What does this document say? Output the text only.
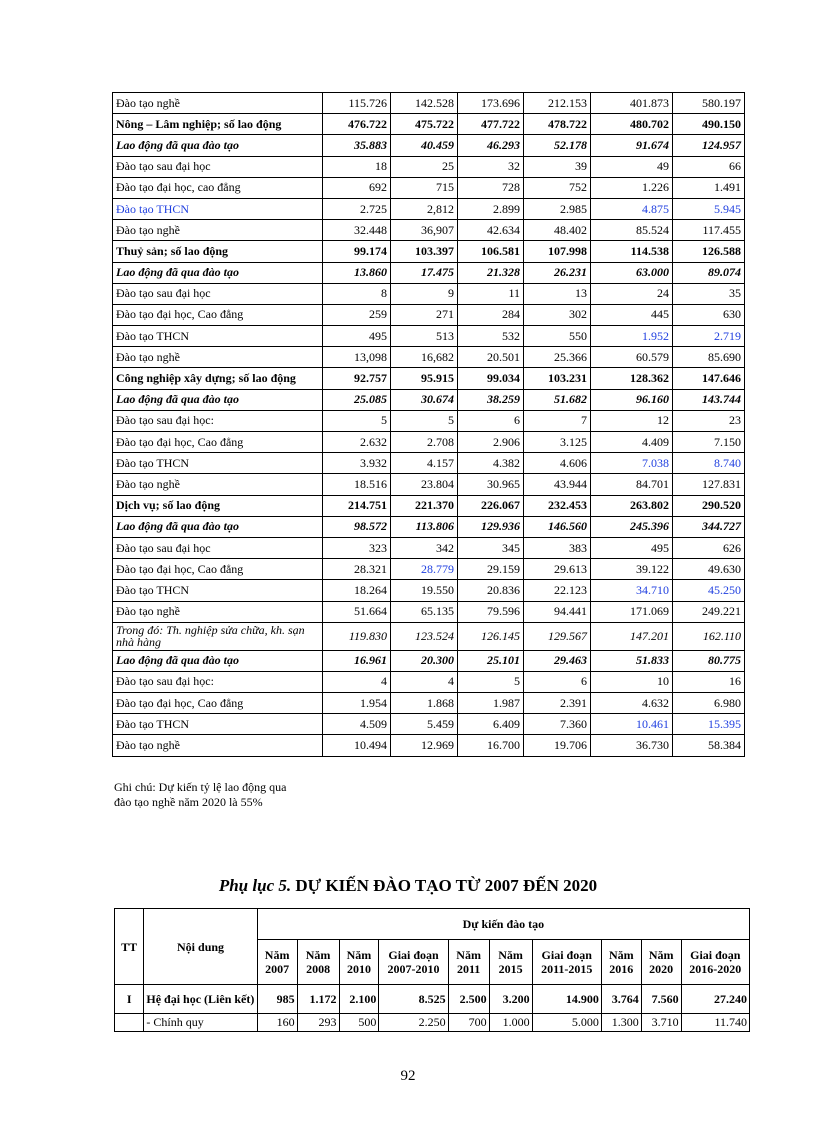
Đào tạo nghề	115.726	142.528	173.696	212.153	401.873	580.197
Nông – Lâm nghiệp; số lao động	476.722	475.722	477.722	478.722	480.702	490.150
Lao động đã qua đào tạo	35.883	40.459	46.293	52.178	91.674	124.957
Đào tạo sau đại học	18	25	32	39	49	66
Đào tạo đại học, cao đẳng	692	715	728	752	1.226	1.491
Đào tạo THCN	2.725	2,812	2.899	2.985	4.875	5.945
Đào tạo nghề	32.448	36,907	42.634	48.402	85.524	117.455
Thuỷ sản; số lao động	99.174	103.397	106.581	107.998	114.538	126.588
Lao động đã qua đào tạo	13.860	17.475	21.328	26.231	63.000	89.074
Đào tạo sau đại học	8	9	11	13	24	35
Đào tạo đại học, Cao đẳng	259	271	284	302	445	630
Đào tạo THCN	495	513	532	550	1.952	2.719
Đào tạo nghề	13,098	16,682	20.501	25.366	60.579	85.690
Công nghiệp xây dựng; số lao động	92.757	95.915	99.034	103.231	128.362	147.646
Lao động đã qua đào tạo	25.085	30.674	38.259	51.682	96.160	143.744
Đào tạo sau đại học:	5	5	6	7	12	23
Đào tạo đại học, Cao đẳng	2.632	2.708	2.906	3.125	4.409	7.150
Đào tạo THCN	3.932	4.157	4.382	4.606	7.038	8.740
Đào tạo nghề	18.516	23.804	30.965	43.944	84.701	127.831
Dịch vụ; số lao động	214.751	221.370	226.067	232.453	263.802	290.520
Lao động đã qua đào tạo	98.572	113.806	129.936	146.560	245.396	344.727
Đào tạo sau đại học	323	342	345	383	495	626
Đào tạo đại học, Cao đẳng	28.321	28.779	29.159	29.613	39.122	49.630
Đào tạo THCN	18.264	19.550	20.836	22.123	34.710	45.250
Đào tạo nghề	51.664	65.135	79.596	94.441	171.069	249.221
Trong đó: Th. nghiệp sửa chữa, kh. sạn nhà hàng	119.830	123.524	126.145	129.567	147.201	162.110
Lao động đã qua đào tạo	16.961	20.300	25.101	29.463	51.833	80.775
Đào tạo sau đại học:	4	4	5	6	10	16
Đào tạo đại học, Cao đẳng	1.954	1.868	1.987	2.391	4.632	6.980
Đào tạo THCN	4.509	5.459	6.409	7.360	10.461	15.395
Đào tạo nghề	10.494	12.969	16.700	19.706	36.730	58.384
Ghi chú: Dự kiến tỷ lệ lao động qua
đào tạo nghề năm 2020 là 55%
Phụ lục 5. DỰ KIẾN ĐÀO TẠO TỪ 2007 ĐẾN 2020
TT	Nội dung	Dự kiến đào tạo									
		Năm 2007	Năm 2008	Năm 2010	Giai đoạn 2007-2010	Năm 2011	Năm 2015	Giai đoạn 2011-2015	Năm 2016	Năm 2020	Giai đoạn 2016-2020
I	Hệ đại học (Liên kết)	985	1.172	2.100	8.525	2.500	3.200	14.900	3.764	7.560	27.240
	- Chính quy	160	293	500	2.250	700	1.000	5.000	1.300	3.710	11.740
92
